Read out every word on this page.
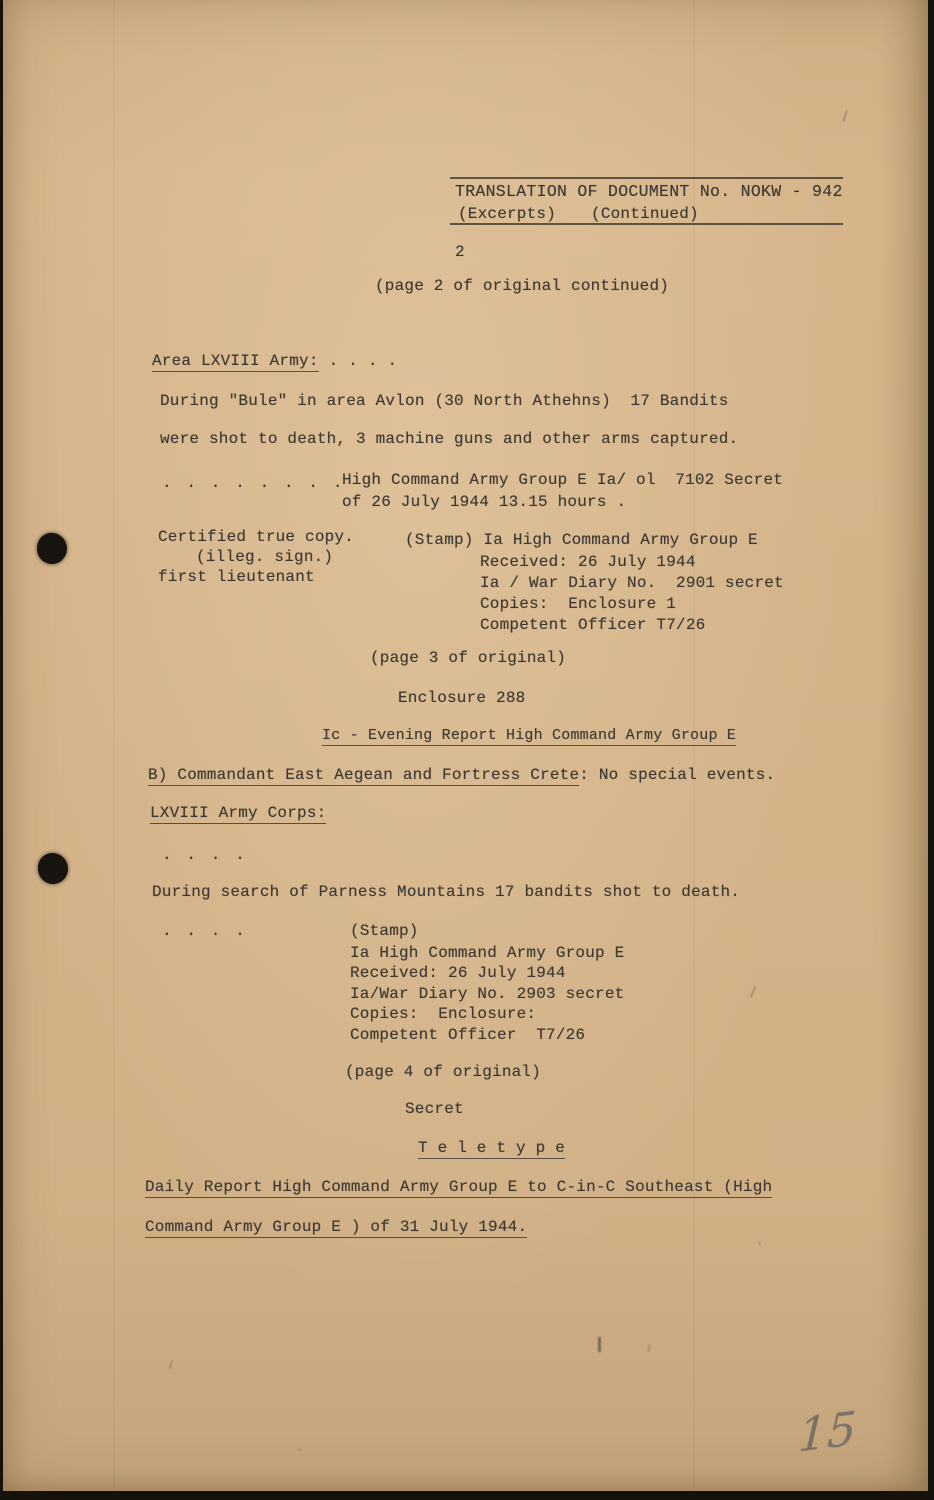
TRANSLATION OF DOCUMENT No. NOKW - 942
(Excerpts) (Continued)
2
(page 2 of original continued)
Area LXVIII Army: . . . .
During "Bule" in area Avlon (30 North Athehns)  17 Bandits
were shot to death, 3 machine guns and other arms captured.
. . . . . . . .
High Command Army Group E Ia/ ol  7102 Secret
of 26 July 1944 13.15 hours .
Certified true copy.
(illeg. sign.)
first lieutenant
(Stamp) Ia High Command Army Group E
Received: 26 July 1944
Ia / War Diary No.  2901 secret
Copies:  Enclosure 1
Competent Officer T7/26
(page 3 of original)
Enclosure 288
Ic - Evening Report High Command Army Group E
B) Commandant East Aegean and Fortress Crete: No special events.
LXVIII Army Corps:
. . . .
During search of Parness Mountains 17 bandits shot to death.
. . . .	(Stamp)
Ia High Command Army Group E
Received: 26 July 1944
Ia/War Diary No. 2903 secret
Copies:  Enclosure:
Competent Officer  T7/26
(page 4 of original)
Secret
T e l e t y p e
Daily Report High Command Army Group E to C-in-C Southeast (High
Command Army Group E ) of 31 July 1944.
15
